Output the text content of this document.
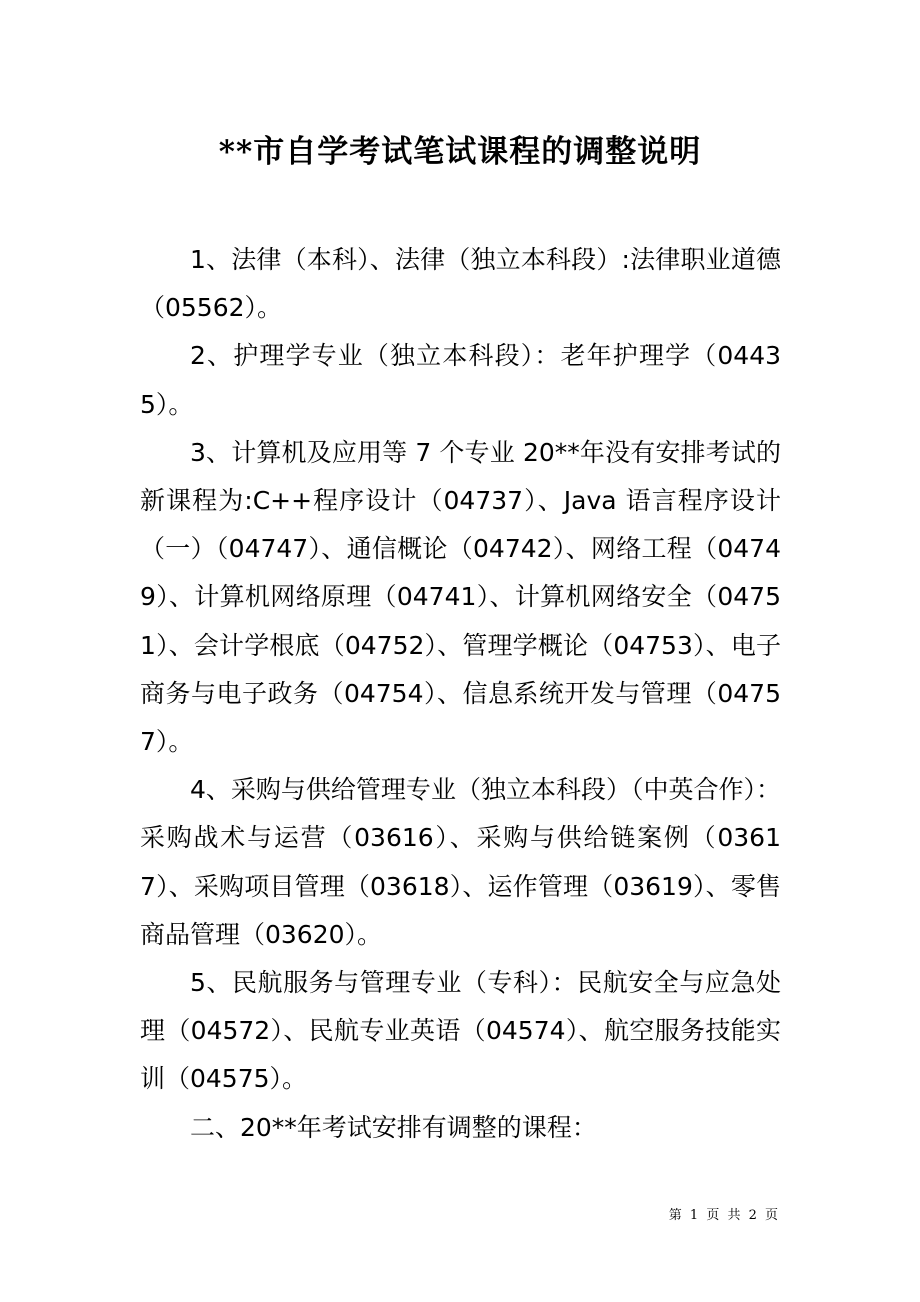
**市自学考试笔试课程的调整说明

1、法律（本科）、法律（独立本科段）:法律职业道德（05562）。

2、护理学专业（独立本科段）：老年护理学（04435）。

3、计算机及应用等 7 个专业 20**年没有安排考试的新课程为:C++程序设计（04737）、Java 语言程序设计（一）（04747）、通信概论（04742）、网络工程（04749）、计算机网络原理（04741）、计算机网络安全（04751）、会计学根底（04752）、管理学概论（04753）、电子商务与电子政务（04754）、信息系统开发与管理（04757）。

4、采购与供给管理专业（独立本科段）（中英合作）：采购战术与运营（03616）、采购与供给链案例（03617）、采购项目管理（03618）、运作管理（03619）、零售商品管理（03620）。

5、民航服务与管理专业（专科）：民航安全与应急处理（04572）、民航专业英语（04574）、航空服务技能实训（04575）。

二、20**年考试安排有调整的课程：

第 1 页 共 2 页
